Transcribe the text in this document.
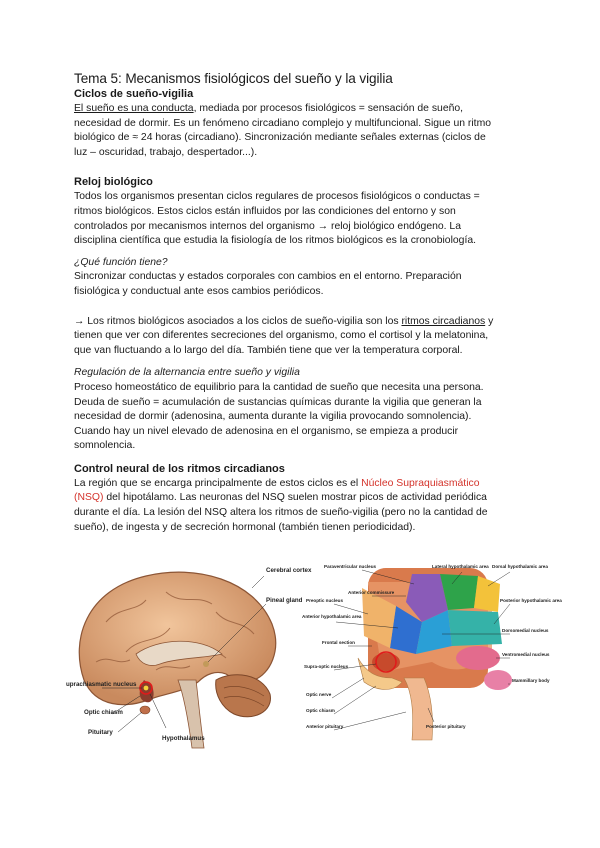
Tema 5: Mecanismos fisiológicos del sueño y la vigilia
Ciclos de sueño-vigilia

El sueño es una conducta, mediada por procesos fisiológicos = sensación de sueño,

necesidad de dormir. Es un fenómeno circadiano complejo y multifuncional. Sigue un ritmo

biológico de ≈ 24 horas (circadiano). Sincronización mediante señales externas (ciclos de

luz – oscuridad, trabajo, despertador...).

Reloj biológico

Todos los organismos presentan ciclos regulares de procesos fisiológicos o conductas =

ritmos biológicos. Estos ciclos están influidos por las condiciones del entorno y son

controlados por mecanismos internos del organismo → reloj biológico endógeno. La

disciplina científica que estudia la fisiología de los ritmos biológicos es la cronobiología.

¿Qué función tiene?

Sincronizar conductas y estados corporales con cambios en el entorno. Preparación

fisiológica y conductual ante esos cambios periódicos.

→ Los ritmos biológicos asociados a los ciclos de sueño-vigilia son los ritmos circadianos y

tienen que ver con diferentes secreciones del organismo, como el cortisol y la melatonina,

que van fluctuando a lo largo del día. También tiene que ver la temperatura corporal.

Regulación de la alternancia entre sueño y vigilia

Proceso homeostático de equilibrio para la cantidad de sueño que necesita una persona.

Deuda de sueño = acumulación de sustancias químicas durante la vigilia que generan la

necesidad de dormir (adenosina, aumenta durante la vigilia provocando somnolencia).

Cuando hay un nivel elevado de adenosina en el organismo, se empieza a producir

somnolencia.

Control neural de los ritmos circadianos

La región que se encarga principalmente de estos ciclos es el Núcleo Supraquiasmático

(NSQ) del hipotálamo. Las neuronas del NSQ suelen mostrar picos de actividad periódica

durante el día. La lesión del NSQ altera los ritmos de sueño-vigilia (pero no la cantidad de

sueño), de ingesta y de secreción hormonal (también tienen periodicidad).

Cerebral cortex
Pineal gland
uprachiasmatic nucleus
Optic chiasm
Pituitary
Hypothalamus
Paraventricular nucleus	Lateral hypothalamic area Dorsal hypothalamic area
Anterior commissure
Preoptic nucleus	Posterior hypothalamic area
Anterior hypothalamic area
Dorsomedial nucleus
Frontal section
Ventromedial nucleus
Supra-optic nucleus
Mammillary body
Optic nerve
Optic chiasm
Anterior pituitary	Posterior pituitary
